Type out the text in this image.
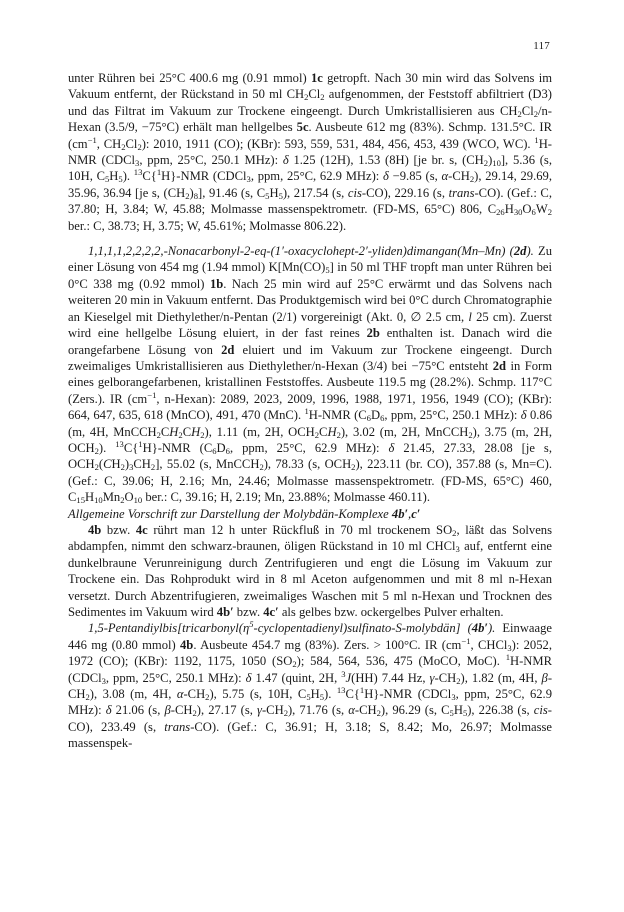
117

unter Rühren bei 25°C 400.6 mg (0.91 mmol) 1c getropft. Nach 30 min wird das Solvens im Vakuum entfernt, der Rückstand in 50 ml $CH_2Cl_2$ aufgenommen, der Feststoff abfiltriert (D3) und das Filtrat im Vakuum zur Trockene eingeengt. Durch Umkristallisieren aus $CH_2Cl_2/n$-Hexan (3.5/9, −75°C) erhält man hellgelbes 5c. Ausbeute 612 mg (83%). Schmp. 131.5°C. IR ($cm^{-1}$, $CH_2Cl_2$): 2010, 1911 (CO); (KBr): 593, 559, 531, 484, 456, 453, 439 (WCO, WC). $^1$H-NMR (CDCl$_3$, ppm, 25°C, 250.1 MHz): δ 1.25 (12H), 1.53 (8H) [je br. s, $(CH_2)_{10}$], 5.36 (s, 10H, $C_5H_5$). $^{13}$C{$^1$H}-NMR (CDCl$_3$, ppm, 25°C, 62.9 MHz): δ −9.85 (s, $\alpha-CH_2$), 29.14, 29.69, 35.96, 36.94 [je s, $(CH_2)_8$], 91.46 (s, $C_5H_5$), 217.54 (s, cis-CO), 229.16 (s, trans-CO). (Gef.: C, 37.80; H, 3.84; W, 45.88; Molmasse massenspektrometr. (FD-MS, 65°C) 806, $C_{26}H_{30}O_6W_2$ ber.: C, 38.73; H, 3.75; W, 45.61%; Molmasse 806.22).

1,1,1,1,2,2,2,2,-Nonacarbonyl-2-eq-(1′-oxacyclohept-2′-yliden)dimangan(Mn–Mn) (2d). Zu einer Lösung von 454 mg (1.94 mmol) $K[Mn(CO)_5]$ in 50 ml THF tropft man unter Rühren bei 0°C 338 mg (0.92 mmol) 1b. Nach 25 min wird auf 25°C erwärmt und das Solvens nach weiteren 20 min in Vakuum entfernt. Das Produktgemisch wird bei 0°C durch Chromatographie an Kieselgel mit Diethylether/n-Pentan (2/1) vorgereinigt (Akt. 0, ∅ 2.5 cm, l 25 cm). Zuerst wird eine hellgelbe Lösung eluiert, in der fast reines 2b enthalten ist. Danach wird die orangefarbene Lösung von 2d eluiert und im Vakuum zur Trockene eingeengt. Durch zweimaliges Umkristallisieren aus Diethylether/n-Hexan (3/4) bei −75°C entsteht 2d in Form eines gelborangefarbenen, kristallinen Feststoffes. Ausbeute 119.5 mg (28.2%). Schmp. 117°C (Zers.). IR ($cm^{-1}$, n-Hexan): 2089, 2023, 2009, 1996, 1988, 1971, 1956, 1949 (CO); (KBr): 664, 647, 635, 618 (MnCO), 491, 470 (MnC). $^1$H-NMR ($C_6D_6$, ppm, 25°C, 250.1 MHz): δ 0.86 (m, 4H, $MnCCH_2CH_2CH_2$), 1.11 (m, 2H, $OCH_2CH_2$), 3.02 (m, 2H, MnCCH$_2$), 3.75 (m, 2H, $OCH_2$). $^{13}$C{$^1$H}-NMR ($C_6D_6$, ppm, 25°C, 62.9 MHz): δ 21.45, 27.33, 28.08 [je s, $OCH_2(CH_2)_3CH_2$], 55.02 (s, MnCCH$_2$), 78.33 (s, $OCH_2$), 223.11 (br. CO), 357.88 (s, Mn=C). (Gef.: C, 39.06; H, 2.16; Mn, 24.46; Molmasse massenspektrometr. (FD-MS, 65°C) 460, $C_{15}H_{10}Mn_2O_{10}$ ber.: C, 39.16; H, 2.19; Mn, 23.88%; Molmasse 460.11).

Allgemeine Vorschrift zur Darstellung der Molybdän-Komplexe 4b′,c′

4b bzw. 4c rührt man 12 h unter Rückfluß in 70 ml trockenem $SO_2$, läßt das Solvens abdampfen, nimmt den schwarz-braunen, öligen Rückstand in 10 ml CHCl$_3$ auf, entfernt eine dunkelbraune Verunreinigung durch Zentrifugieren und engt die Lösung im Vakuum zur Trockene ein. Das Rohprodukt wird in 8 ml Aceton aufgenommen und mit 8 ml n-Hexan versetzt. Durch Abzentrifugieren, zweimaliges Waschen mit 5 ml n-Hexan und Trocknen des Sedimentes im Vakuum wird 4b′ bzw. 4c′ als gelbes bzw. ockergelbes Pulver erhalten.

$1,5-Pentandiylbis[tricarbonyl(\eta^5-cyclopentadienyl)sulfinato-S-molybdän]$ (4b′). Einwaage 446 mg (0.80 mmol) 4b. Ausbeute 454.7 mg (83%). Zers. > 100°C. IR ($cm^{-1}$, CHCl$_3$): 2052, 1972 (CO); (KBr): 1192, 1175, 1050 $(SO_2)$; 584, 564, 536, 475 (MoCO, MoC). $^1$H-NMR (CDCl$_3$, ppm, 25°C, 250.1 MHz): δ 1.47 (quint, 2H, $^3$J(HH) 7.44 Hz, $\gamma-CH_2$), 1.82 (m, 4H, $\beta-CH_2$), 3.08 (m, 4H, $\alpha-CH_2$), 5.75 (s, 10H, $C_5H_5$). $^{13}$C{$^1$H}-NMR (CDCl$_3$, ppm, 25°C, 62.9 MHz): δ 21.06 (s, $\beta-CH_2$), 27.17 (s, $\gamma-CH_2$), 71.76 (s, $\alpha-CH_2$), 96.29 (s, $C_5H_5$), 226.38 (s, cis-CO), 233.49 (s, trans-CO). (Gef.: C, 36.91; H, 3.18; S, 8.42; Mo, 26.97; Molmasse massenspek-
